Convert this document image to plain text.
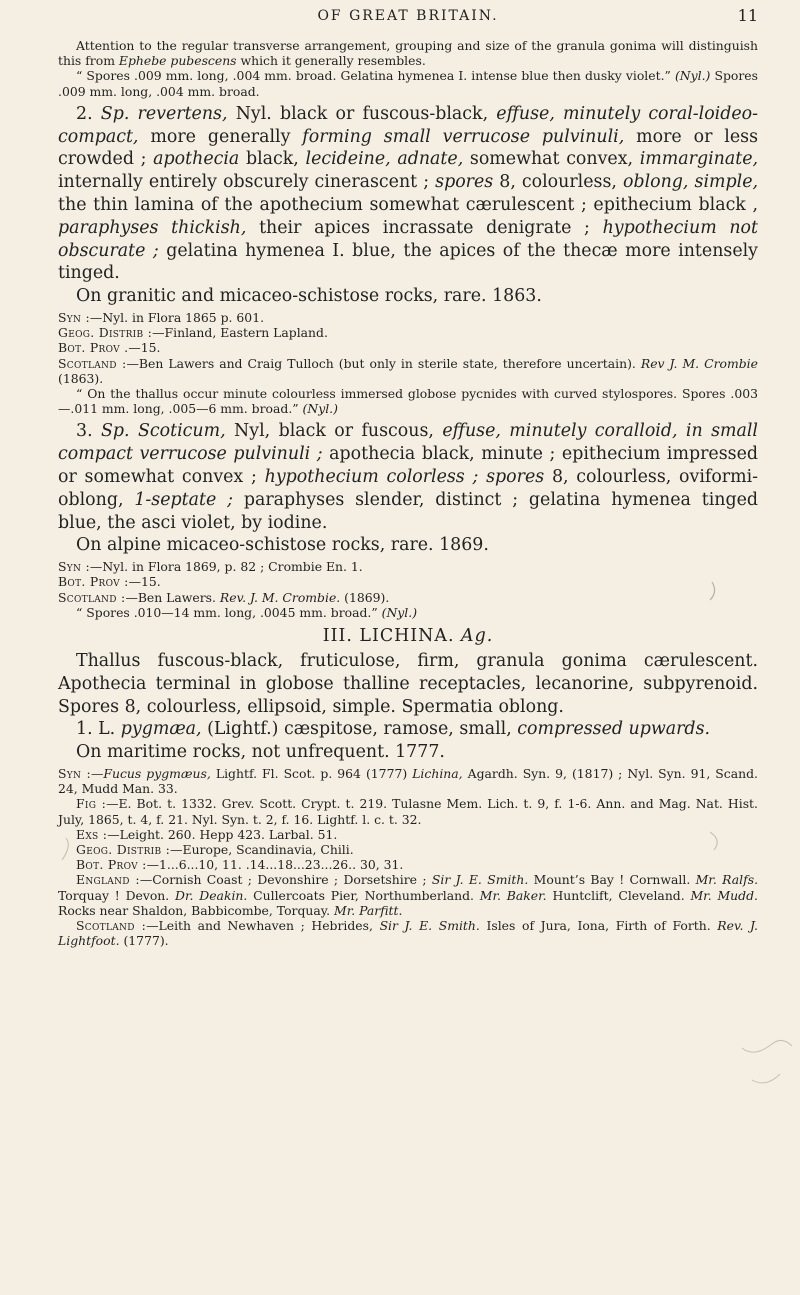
OF GREAT BRITAIN.	11

Attention to the regular transverse arrangement, grouping and size of the granula gonima will distinguish this from Ephebe pubescens which it generally resembles.

“ Spores .009 mm. long, .004 mm. broad. Gelatina hymenea I. intense blue then dusky violet.” (Nyl.) Spores .009 mm. long, .004 mm. broad.

2. Sp. revertens, Nyl. black or fuscous-black, effuse, minutely coral-loideo-compact, more generally forming small verrucose pulvinuli, more or less crowded ; apothecia black, lecideine, adnate, somewhat convex, immarginate, internally entirely obscurely cinerascent ; spores 8, colourless, oblong, simple, the thin lamina of the apothecium somewhat cærulescent ; epithecium black , paraphyses thickish, their apices incrassate denigrate ; hypothecium not obscurate ; gelatina hymenea I. blue, the apices of the thecæ more intensely tinged.

On granitic and micaceo-schistose rocks, rare. 1863.

Syn :—Nyl. in Flora 1865 p. 601.

Geog. Distrib :—Finland, Eastern Lapland.

Bot. Prov .—15.

Scotland :—Ben Lawers and Craig Tulloch (but only in sterile state, therefore uncertain). Rev J. M. Crombie (1863).

“ On the thallus occur minute colourless immersed globose pycnides with curved stylospores. Spores .003—.011 mm. long, .005—6 mm. broad.” (Nyl.)

3. Sp. Scoticum, Nyl, black or fuscous, effuse, minutely coralloid, in small compact verrucose pulvinuli ; apothecia black, minute ; epithecium impressed or somewhat convex ; hypothecium colorless ; spores 8, colourless, oviformi-oblong, 1-septate ; paraphyses slender, distinct ; gelatina hymenea tinged blue, the asci violet, by iodine.

On alpine micaceo-schistose rocks, rare. 1869.

Syn :—Nyl. in Flora 1869, p. 82 ; Crombie En. 1.

Bot. Prov :—15.

Scotland :—Ben Lawers. Rev. J. M. Crombie. (1869).

“ Spores .010—14 mm. long, .0045 mm. broad.” (Nyl.)

III. LICHINA. Ag.

Thallus fuscous-black, fruticulose, firm, granula gonima cærulescent. Apothecia terminal in globose thalline receptacles, lecanorine, subpyrenoid. Spores 8, colourless, ellipsoid, simple. Spermatia oblong.

1. L. pygmæa, (Lightf.) cæspitose, ramose, small, compressed upwards.

On maritime rocks, not unfrequent. 1777.

Syn :—Fucus pygmæus, Lightf. Fl. Scot. p. 964 (1777) Lichina, Agardh. Syn. 9, (1817) ; Nyl. Syn. 91, Scand. 24, Mudd Man. 33.

Fig :—E. Bot. t. 1332. Grev. Scott. Crypt. t. 219. Tulasne Mem. Lich. t. 9, f. 1-6. Ann. and Mag. Nat. Hist. July, 1865, t. 4, f. 21. Nyl. Syn. t. 2, f. 16. Lightf. l. c. t. 32.

Exs :—Leight. 260. Hepp 423. Larbal. 51.

Geog. Distrib :—Europe, Scandinavia, Chili.

Bot. Prov :—1...6...10, 11. .14...18...23...26.. 30, 31.

England :—Cornish Coast ; Devonshire ; Dorsetshire ; Sir J. E. Smith. Mount’s Bay ! Cornwall. Mr. Ralfs. Torquay ! Devon. Dr. Deakin. Cullercoats Pier, Northumberland. Mr. Baker. Huntclift, Cleveland. Mr. Mudd. Rocks near Shaldon, Babbicombe, Torquay. Mr. Parfitt.

Scotland :—Leith and Newhaven ; Hebrides, Sir J. E. Smith. Isles of Jura, Iona, Firth of Forth. Rev. J. Lightfoot. (1777).
